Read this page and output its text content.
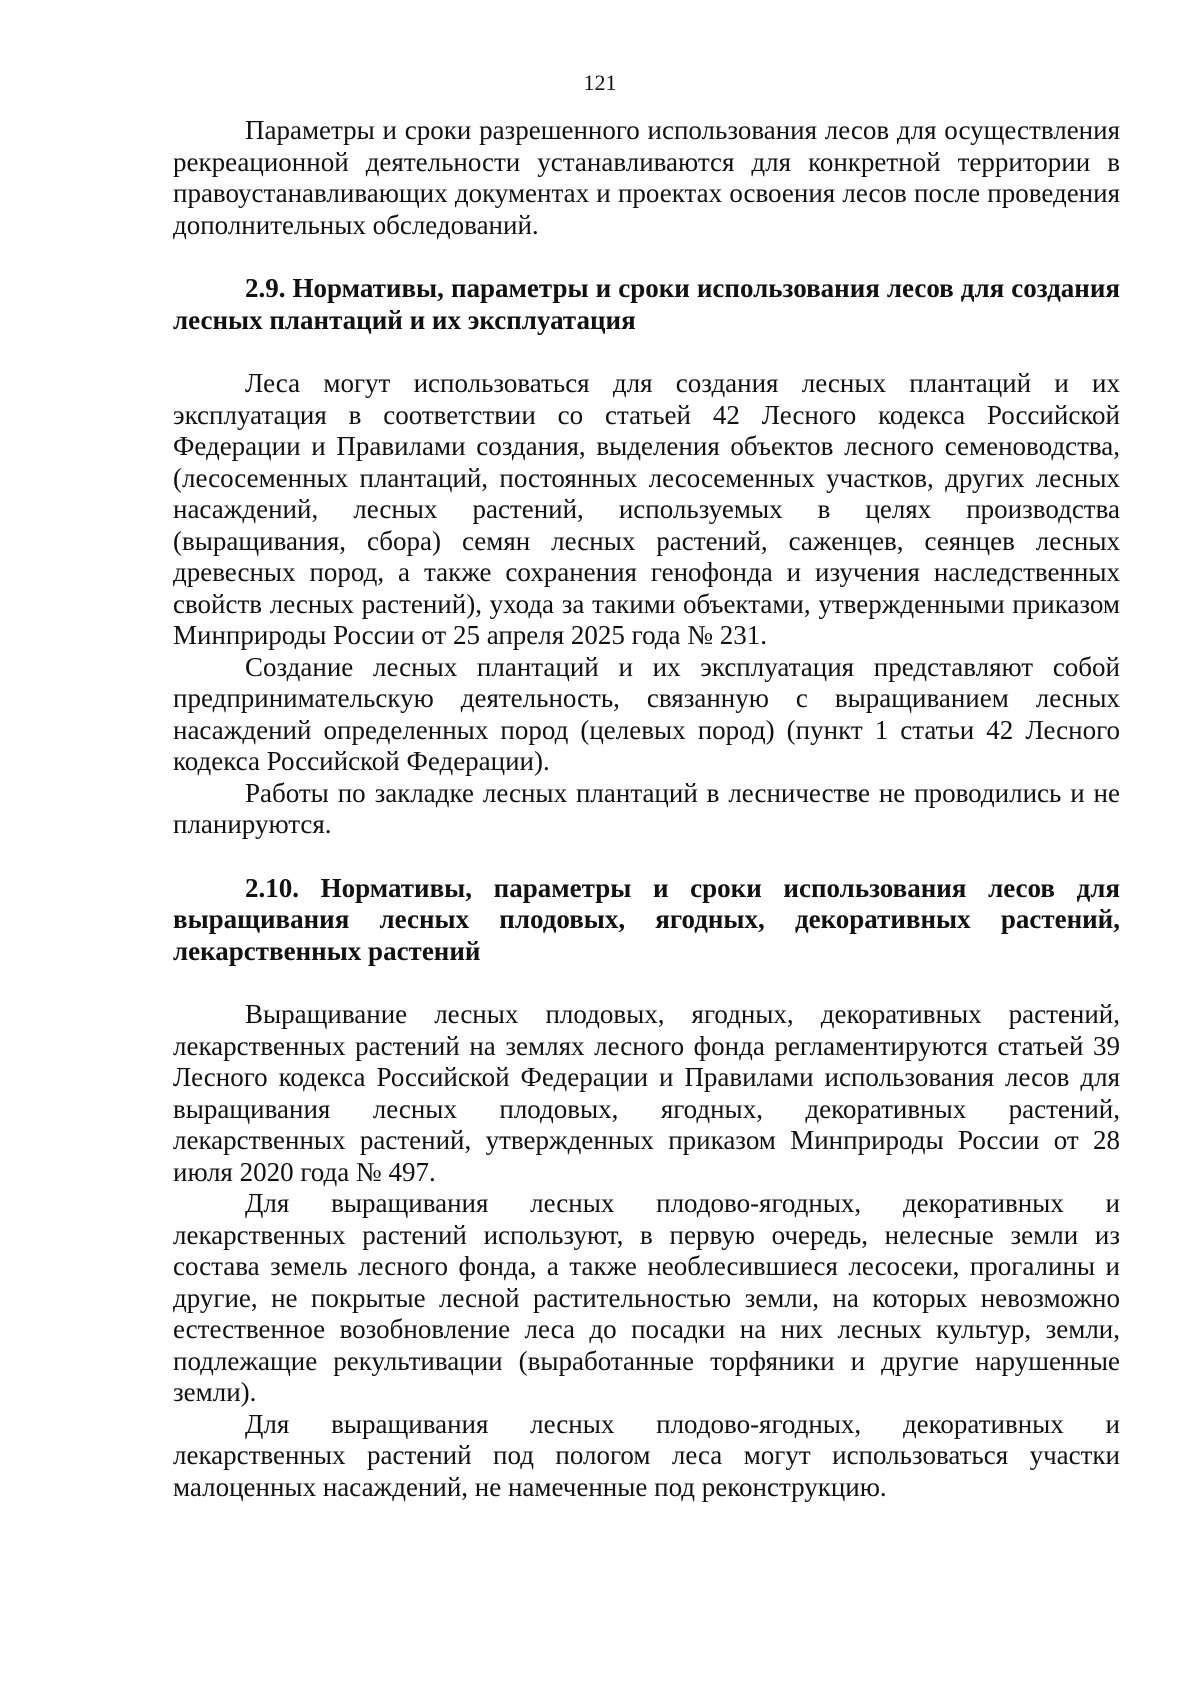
121

Параметры и сроки разрешенного использования лесов для осуществления рекреационной деятельности устанавливаются для конкретной территории в правоустанавливающих документах и проектах освоения лесов после проведения дополнительных обследований.

2.9. Нормативы, параметры и сроки использования лесов для создания лесных плантаций и их эксплуатация

Леса могут использоваться для создания лесных плантаций и их эксплуатация в соответствии со статьей 42 Лесного кодекса Российской Федерации и Правилами создания, выделения объектов лесного семеноводства, (лесосеменных плантаций, постоянных лесосеменных участков, других лесных насаждений, лесных растений, используемых в целях производства (выращивания, сбора) семян лесных растений, саженцев, сеянцев лесных древесных пород, а также сохранения генофонда и изучения наследственных свойств лесных растений), ухода за такими объектами, утвержденными приказом Минприроды России от 25 апреля 2025 года № 231.

Создание лесных плантаций и их эксплуатация представляют собой предпринимательскую деятельность, связанную с выращиванием лесных насаждений определенных пород (целевых пород) (пункт 1 статьи 42 Лесного кодекса Российской Федерации).

Работы по закладке лесных плантаций в лесничестве не проводились и не планируются.

2.10. Нормативы, параметры и сроки использования лесов для выращивания лесных плодовых, ягодных, декоративных растений, лекарственных растений

Выращивание лесных плодовых, ягодных, декоративных растений, лекарственных растений на землях лесного фонда регламентируются статьей 39 Лесного кодекса Российской Федерации и Правилами использования лесов для выращивания лесных плодовых, ягодных, декоративных растений, лекарственных растений, утвержденных приказом Минприроды России от 28 июля 2020 года № 497.

Для выращивания лесных плодово-ягодных, декоративных и лекарственных растений используют, в первую очередь, нелесные земли из состава земель лесного фонда, а также необлесившиеся лесосеки, прогалины и другие, не покрытые лесной растительностью земли, на которых невозможно естественное возобновление леса до посадки на них лесных культур, земли, подлежащие рекультивации (выработанные торфяники и другие нарушенные земли).

Для выращивания лесных плодово-ягодных, декоративных и лекарственных растений под пологом леса могут использоваться участки малоценных насаждений, не намеченные под реконструкцию.
